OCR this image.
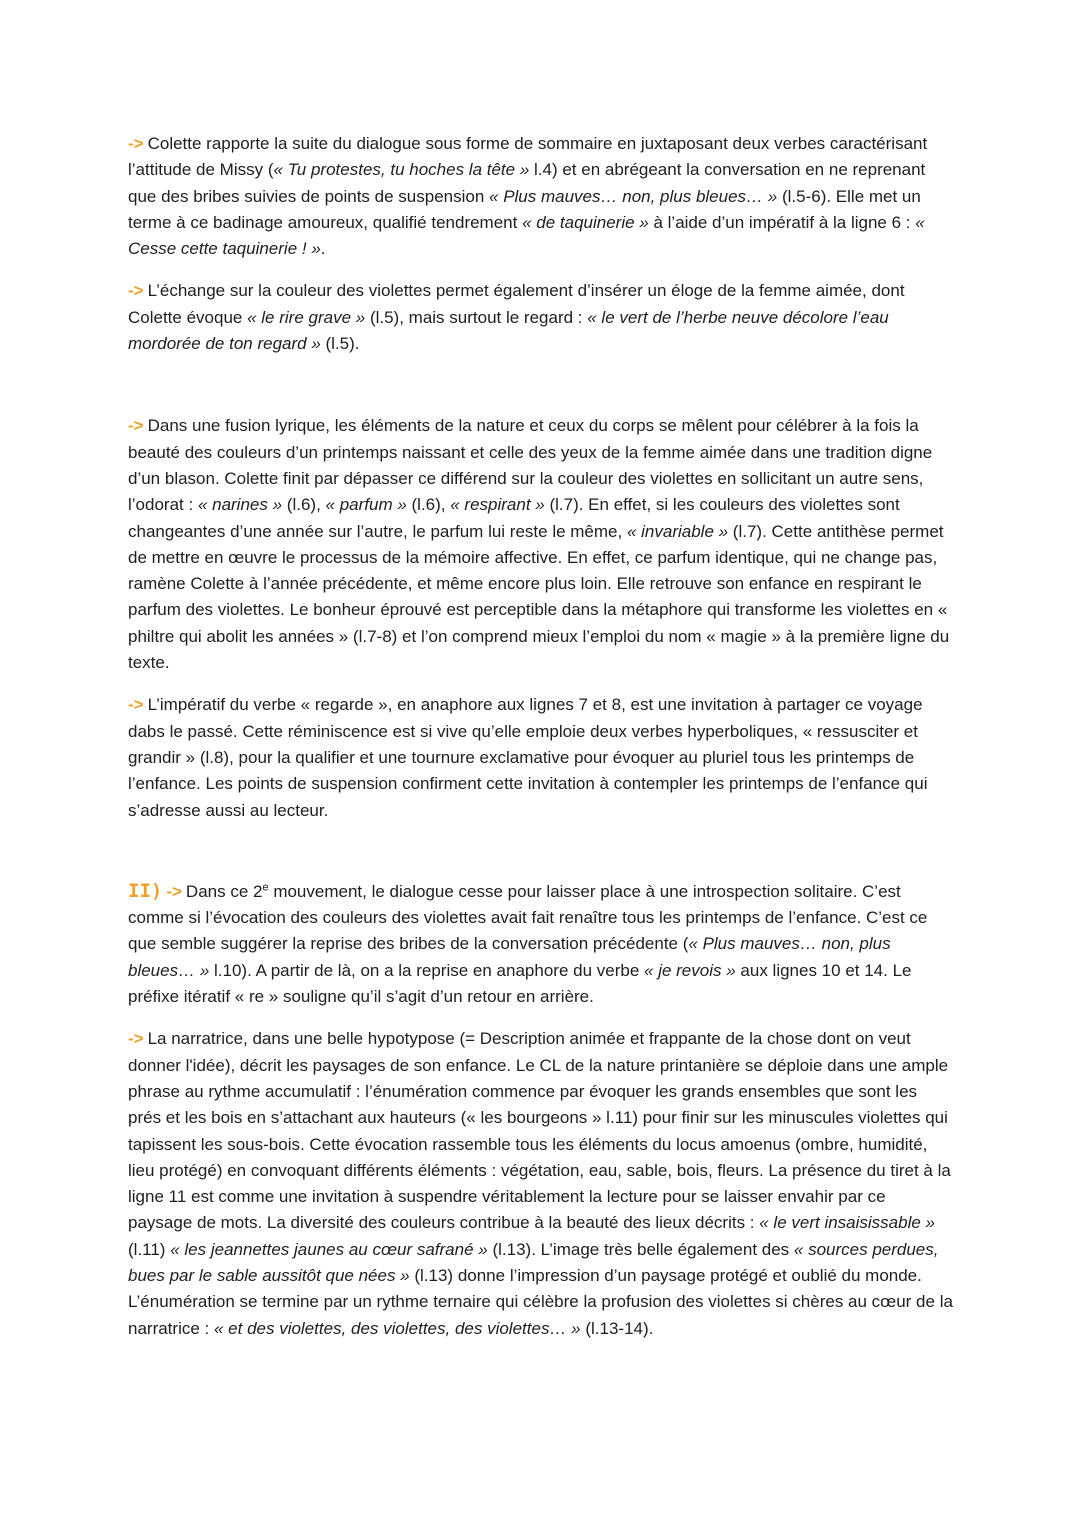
-> Colette rapporte la suite du dialogue sous forme de sommaire en juxtaposant deux verbes caractérisant l’attitude de Missy (« Tu protestes, tu hoches la tête » l.4) et en abrégeant la conversation en ne reprenant que des bribes suivies de points de suspension « Plus mauves… non, plus bleues… » (l.5-6). Elle met un terme à ce badinage amoureux, qualifié tendrement « de taquinerie » à l’aide d’un impératif à la ligne 6 : « Cesse cette taquinerie ! ».

-> L’échange sur la couleur des violettes permet également d’insérer un éloge de la femme aimée, dont Colette évoque « le rire grave » (l.5), mais surtout le regard : « le vert de l’herbe neuve décolore l’eau mordorée de ton regard » (l.5).

-> Dans une fusion lyrique, les éléments de la nature et ceux du corps se mêlent pour célébrer à la fois la beauté des couleurs d’un printemps naissant et celle des yeux de la femme aimée dans une tradition digne d’un blason. Colette finit par dépasser ce différend sur la couleur des violettes en sollicitant un autre sens, l’odorat : « narines » (l.6), « parfum » (l.6), « respirant » (l.7). En effet, si les couleurs des violettes sont changeantes d’une année sur l’autre, le parfum lui reste le même, « invariable » (l.7). Cette antithèse permet de mettre en œuvre le processus de la mémoire affective. En effet, ce parfum identique, qui ne change pas, ramène Colette à l’année précédente, et même encore plus loin. Elle retrouve son enfance en respirant le parfum des violettes. Le bonheur éprouvé est perceptible dans la métaphore qui transforme les violettes en « philtre qui abolit les années » (l.7-8) et l’on comprend mieux l’emploi du nom « magie » à la première ligne du texte.

-> L’impératif du verbe « regarde », en anaphore aux lignes 7 et 8, est une invitation à partager ce voyage dabs le passé. Cette réminiscence est si vive qu’elle emploie deux verbes hyperboliques, « ressusciter et grandir » (l.8), pour la qualifier et une tournure exclamative pour évoquer au pluriel tous les printemps de l’enfance. Les points de suspension confirment cette invitation à contempler les printemps de l’enfance qui s’adresse aussi au lecteur.

II) -> Dans ce 2e mouvement, le dialogue cesse pour laisser place à une introspection solitaire. C’est comme si l’évocation des couleurs des violettes avait fait renaître tous les printemps de l’enfance. C’est ce que semble suggérer la reprise des bribes de la conversation précédente (« Plus mauves… non, plus bleues… » l.10). A partir de là, on a la reprise en anaphore du verbe « je revois » aux lignes 10 et 14. Le préfixe itératif « re » souligne qu’il s’agit d’un retour en arrière.

-> La narratrice, dans une belle hypotypose (= Description animée et frappante de la chose dont on veut donner l'idée), décrit les paysages de son enfance. Le CL de la nature printanière se déploie dans une ample phrase au rythme accumulatif : l’énumération commence par évoquer les grands ensembles que sont les prés et les bois en s’attachant aux hauteurs (« les bourgeons » l.11) pour finir sur les minuscules violettes qui tapissent les sous-bois. Cette évocation rassemble tous les éléments du locus amoenus (ombre, humidité, lieu protégé) en convoquant différents éléments : végétation, eau, sable, bois, fleurs. La présence du tiret à la ligne 11 est comme une invitation à suspendre véritablement la lecture pour se laisser envahir par ce paysage de mots. La diversité des couleurs contribue à la beauté des lieux décrits : « le vert insaisissable » (l.11) « les jeannettes jaunes au cœur safrané » (l.13). L’image très belle également des « sources perdues, bues par le sable aussitôt que nées » (l.13) donne l’impression d’un paysage protégé et oublié du monde. L’énumération se termine par un rythme ternaire qui célèbre la profusion des violettes si chères au cœur de la narratrice : « et des violettes, des violettes, des violettes… » (l.13-14).
